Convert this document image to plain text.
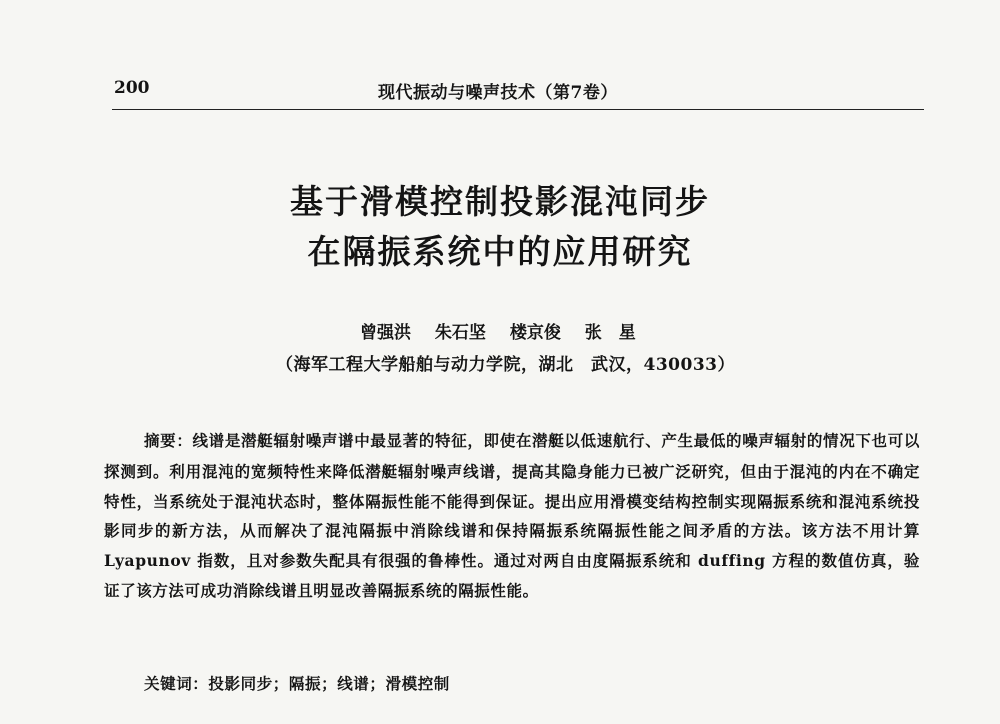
200	现代振动与噪声技术（第7卷）
基于滑模控制投影混沌同步
在隔振系统中的应用研究
曾强洪 朱石坚 楼京俊 张　星
（海军工程大学船舶与动力学院，湖北　武汉，430033）
摘要：线谱是潜艇辐射噪声谱中最显著的特征，即使在潜艇以低速航行、产生最低的噪声辐射的情况下也可以探测到。利用混沌的宽频特性来降低潜艇辐射噪声线谱，提高其隐身能力已被广泛研究，但由于混沌的内在不确定特性，当系统处于混沌状态时，整体隔振性能不能得到保证。提出应用滑模变结构控制实现隔振系统和混沌系统投影同步的新方法，从而解决了混沌隔振中消除线谱和保持隔振系统隔振性能之间矛盾的方法。该方法不用计算 Lyapunov 指数，且对参数失配具有很强的鲁棒性。通过对两自由度隔振系统和 duffing 方程的数值仿真，验证了该方法可成功消除线谱且明显改善隔振系统的隔振性能。
关键词：投影同步；隔振；线谱；滑模控制
